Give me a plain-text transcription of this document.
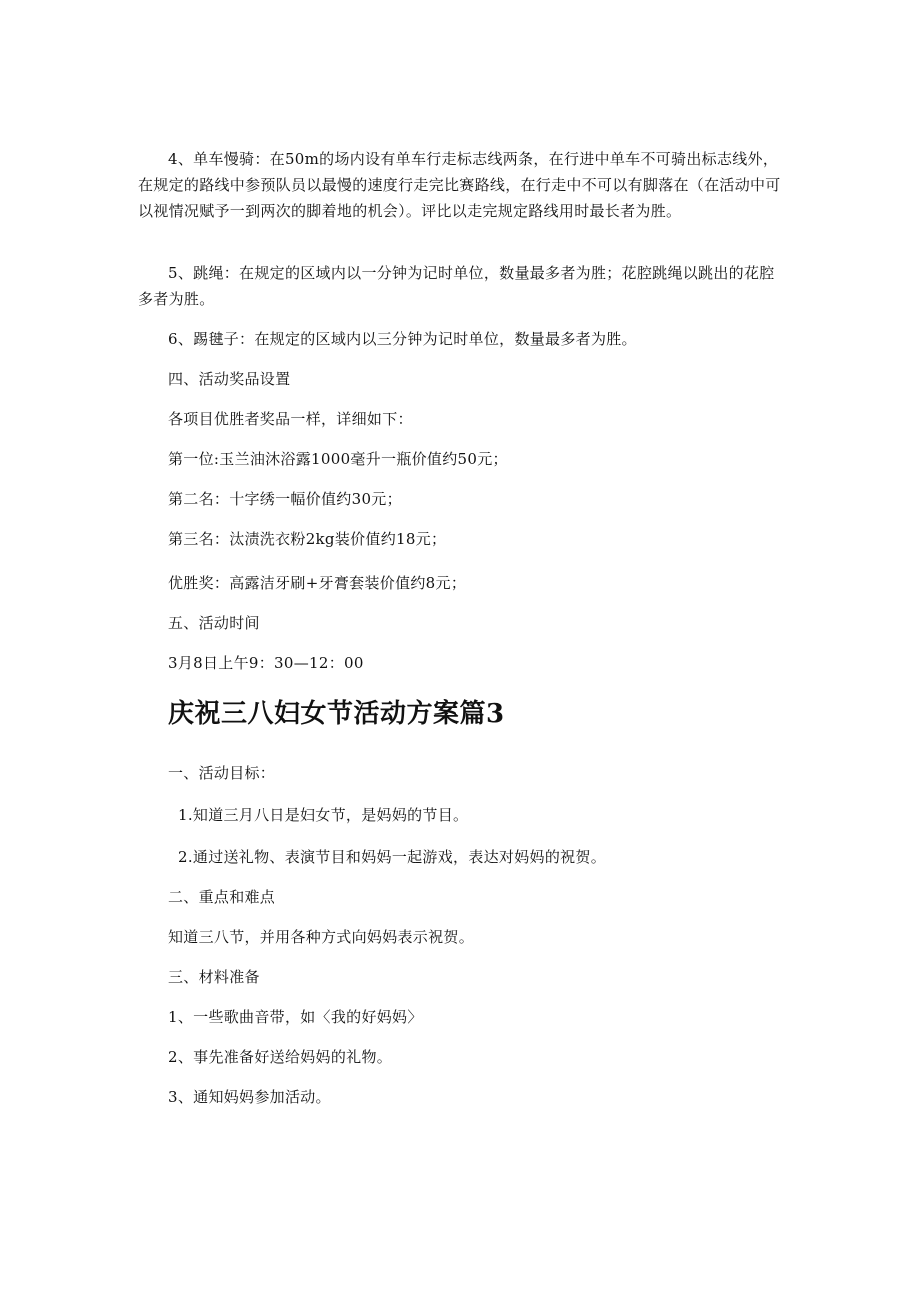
4、单车慢骑：在50m的场内设有单车行走标志线两条，在行进中单车不可骑出标志线外，在规定的路线中参预队员以最慢的速度行走完比赛路线，在行走中不可以有脚落在（在活动中可以视情况赋予一到两次的脚着地的机会）。评比以走完规定路线用时最长者为胜。

5、跳绳：在规定的区域内以一分钟为记时单位，数量最多者为胜；花腔跳绳以跳出的花腔多者为胜。

6、踢毽子：在规定的区域内以三分钟为记时单位，数量最多者为胜。

四、活动奖品设置

各项目优胜者奖品一样，详细如下：

第一位:玉兰油沐浴露1000毫升一瓶价值约50元；

第二名：十字绣一幅价值约30元；

第三名：汰渍洗衣粉2kg装价值约18元；

优胜奖：高露洁牙刷+牙膏套装价值约8元；

五、活动时间

3月8日上午9：30—12：00

庆祝三八妇女节活动方案篇3

一、活动目标：

1.知道三月八日是妇女节，是妈妈的节目。

2.通过送礼物、表演节目和妈妈一起游戏，表达对妈妈的祝贺。

二、重点和难点

知道三八节，并用各种方式向妈妈表示祝贺。

三、材料准备

1、一些歌曲音带，如〈我的好妈妈〉

2、事先准备好送给妈妈的礼物。

3、通知妈妈参加活动。
